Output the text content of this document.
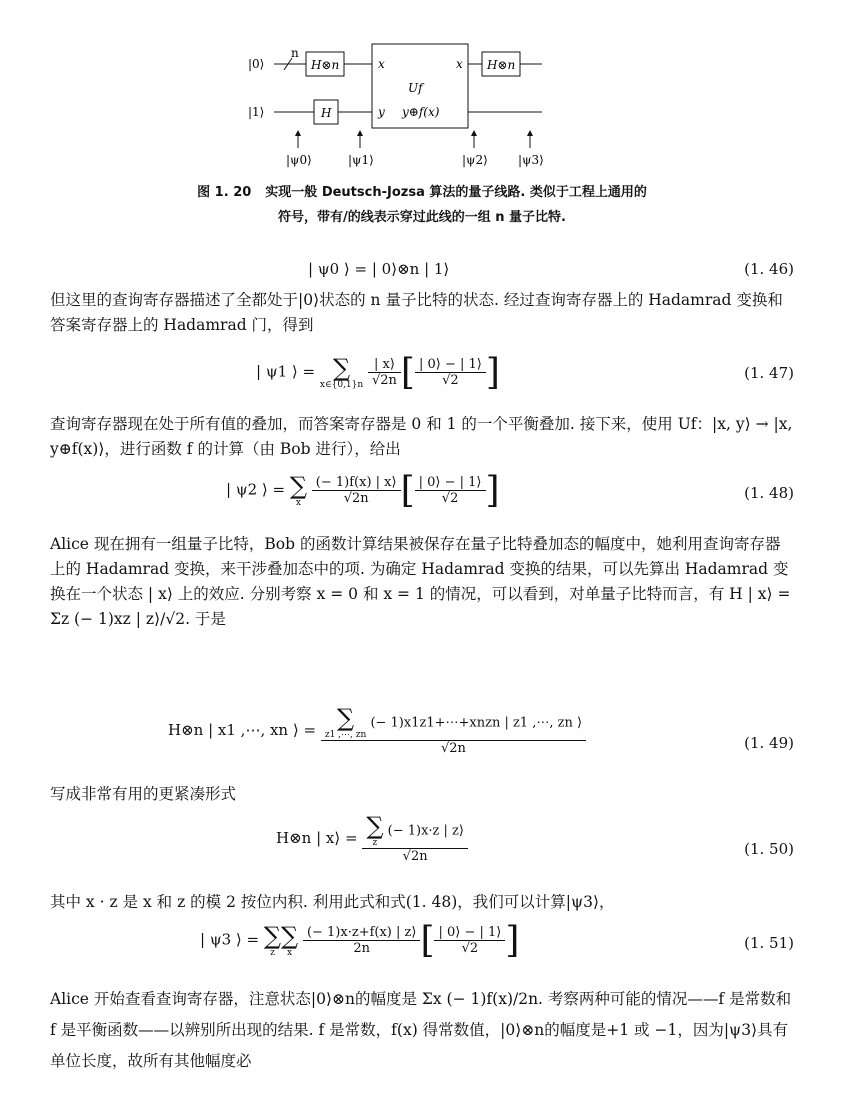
|0⟩
|1⟩
n
H⊗n
H
x	x
Uf
y y⊕f(x)
H⊗n
|ψ0⟩	|ψ1⟩	|ψ2⟩	|ψ3⟩
图 1. 20 实现一般 Deutsch-Jozsa 算法的量子线路. 类似于工程上通用的
符号，带有/的线表示穿过此线的一组 n 量子比特.
| ψ0 ⟩ = | 0⟩⊗n | 1⟩	(1. 46)

但这里的查询寄存器描述了全都处于|0⟩状态的 n 量子比特的状态. 经过查询寄存器上的 Hadamrad 变换和答案寄存器上的 Hadamrad 门，得到

| ψ1 ⟩ = ∑
x∈{0,1}n
$\frac{| x⟩}{√2n}$ [ $\frac{| 0⟩ - | 1⟩}{√2}$ ]	(1. 47)

查询寄存器现在处于所有值的叠加，而答案寄存器是 0 和 1 的一个平衡叠加. 接下来，使用 Uf：|x, y⟩ → |x, y⊕f(x)⟩，进行函数 f 的计算（由 Bob 进行），给出

| ψ2 ⟩ = ∑
x
$\frac{(- 1)f(x) | x⟩}{√2n}$ [ $\frac{| 0⟩ - | 1⟩}{√2}$ ]	(1. 48)

Alice 现在拥有一组量子比特，Bob 的函数计算结果被保存在量子比特叠加态的幅度中，她利用查询寄存器上的 Hadamrad 变换，来干涉叠加态中的项. 为确定 Hadamrad 变换的结果，可以先算出 Hadamrad 变换在一个状态 | x⟩ 上的效应. 分别考察 x = 0 和 x = 1 的情况，可以看到，对单量子比特而言，有 H | x⟩ = Σz (− 1)xz | z⟩/√2. 于是

H⊗n | x1 ,⋯, xn ⟩ = ∑
z1 ,⋯, zn
(− 1)x1z1+⋯+xnzn | z1 ,⋯, zn ⟩
√2n	(1. 49)

写成非常有用的更紧凑形式

H⊗n | x⟩ = ∑
z
(− 1)x·z | z⟩
√2n	(1. 50)

其中 x · z 是 x 和 z 的模 2 按位内积. 利用此式和式(1. 48)，我们可以计算|ψ3⟩，

| ψ3 ⟩ = ∑
z
∑
x
$\frac{(- 1)x\cdot z+f(x) | z⟩}{2n}$ [ $\frac{| 0⟩ - | 1⟩}{√2}$ ]	(1. 51)

Alice 开始查看查询寄存器，注意状态|0⟩⊗n的幅度是 Σx (− 1)f(x)/2n. 考察两种可能的情况——f 是常数和 f 是平衡函数——以辨别所出现的结果. f 是常数，f(x) 得常数值，|0⟩⊗n的幅度是+1 或 −1，因为|ψ3⟩具有单位长度，故所有其他幅度必
